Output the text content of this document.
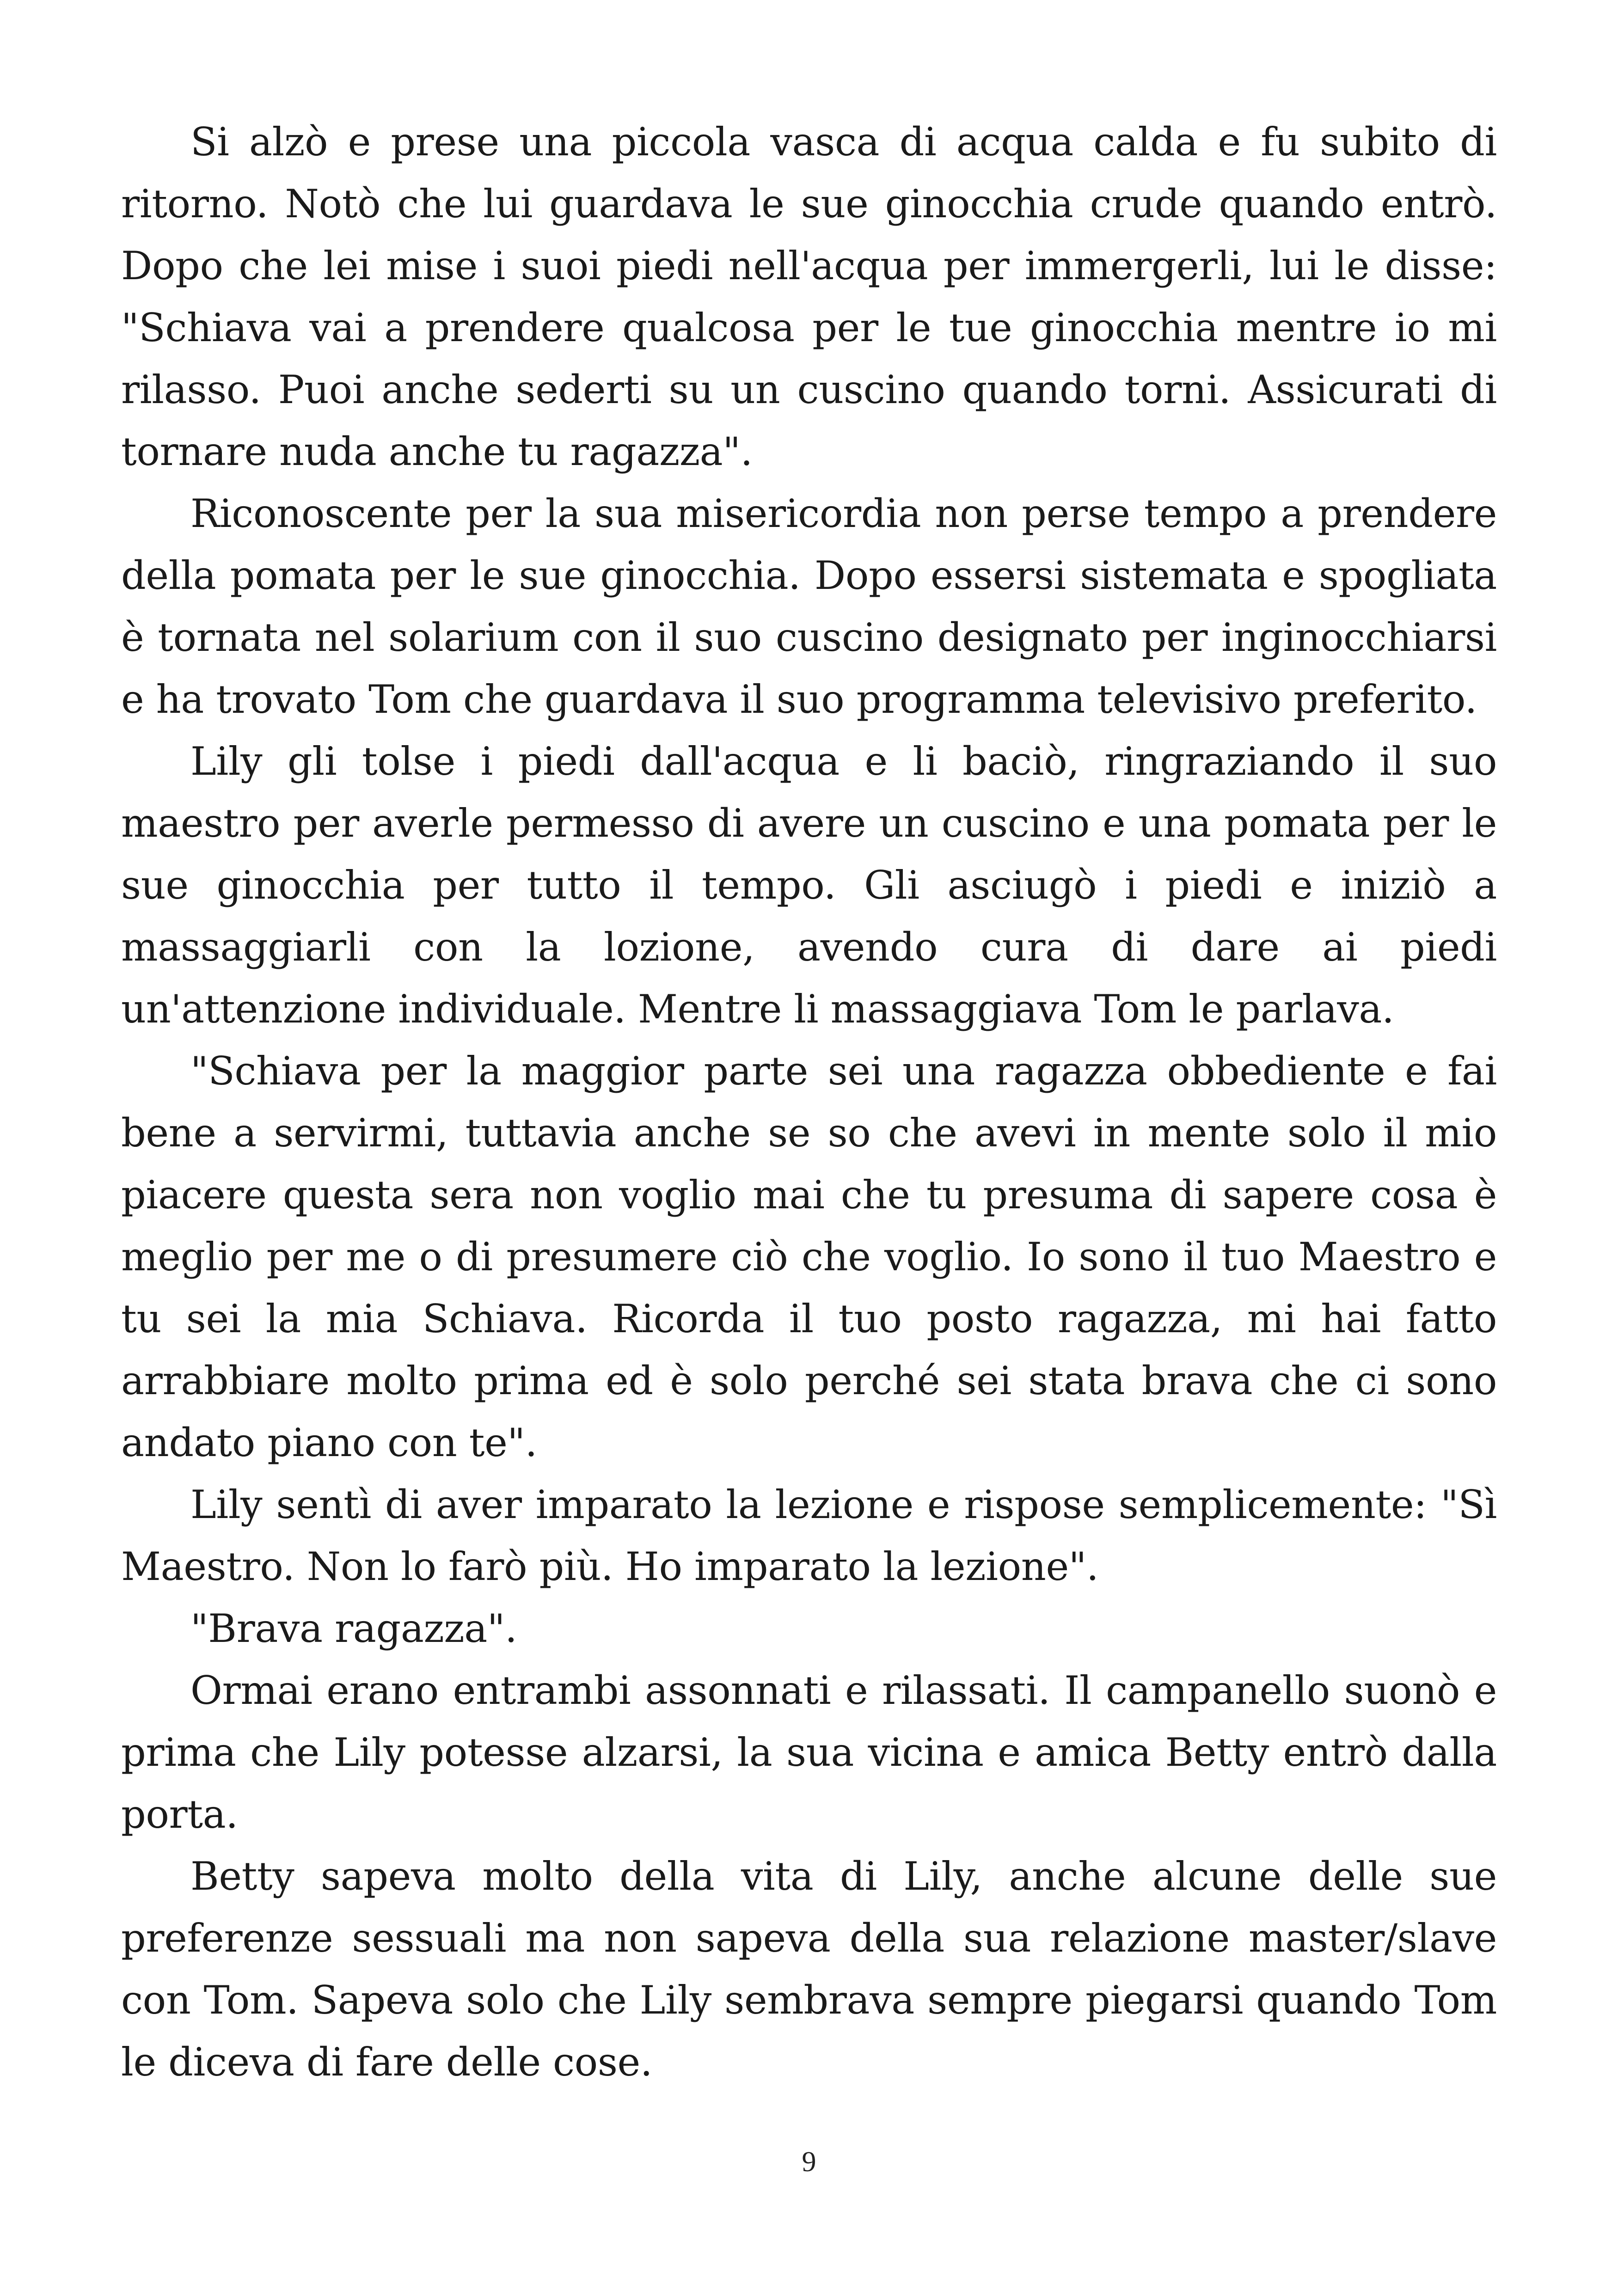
Si alzò e prese una piccola vasca di acqua calda e fu subito di ritorno. Notò che lui guardava le sue ginocchia crude quando entrò. Dopo che lei mise i suoi piedi nell'acqua per immergerli, lui le disse: "Schiava vai a prendere qualcosa per le tue ginocchia mentre io mi rilasso. Puoi anche sederti su un cuscino quando torni. Assicurati di tornare nuda anche tu ragazza".

Riconoscente per la sua misericordia non perse tempo a prendere della pomata per le sue ginocchia. Dopo essersi sistemata e spogliata è tornata nel solarium con il suo cuscino designato per inginocchiarsi e ha trovato Tom che guardava il suo programma televisivo preferito.

Lily gli tolse i piedi dall'acqua e li baciò, ringraziando il suo maestro per averle permesso di avere un cuscino e una pomata per le sue ginocchia per tutto il tempo. Gli asciugò i piedi e iniziò a massaggiarli con la lozione, avendo cura di dare ai piedi un'attenzione individuale. Mentre li massaggiava Tom le parlava.

"Schiava per la maggior parte sei una ragazza obbediente e fai bene a servirmi, tuttavia anche se so che avevi in mente solo il mio piacere questa sera non voglio mai che tu presuma di sapere cosa è meglio per me o di presumere ciò che voglio. Io sono il tuo Maestro e tu sei la mia Schiava. Ricorda il tuo posto ragazza, mi hai fatto arrabbiare molto prima ed è solo perché sei stata brava che ci sono andato piano con te".

Lily sentì di aver imparato la lezione e rispose semplicemente: "Sì Maestro. Non lo farò più. Ho imparato la lezione".

"Brava ragazza".

Ormai erano entrambi assonnati e rilassati. Il campanello suonò e prima che Lily potesse alzarsi, la sua vicina e amica Betty entrò dalla porta.

Betty sapeva molto della vita di Lily, anche alcune delle sue preferenze sessuali ma non sapeva della sua relazione master/slave con Tom. Sapeva solo che Lily sembrava sempre piegarsi quando Tom le diceva di fare delle cose.

9
